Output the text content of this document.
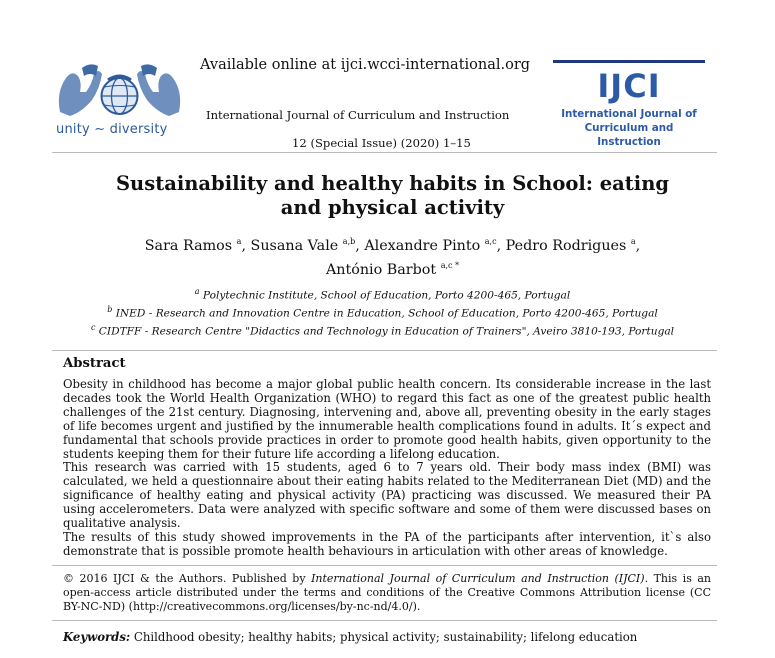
unity ∼ diversity
Available online at ijci.wcci-international.org
International Journal of Curriculum and Instruction
12 (Special Issue) (2020) 1–15
IJCI
International Journal of
Curriculum and Instruction
Sustainability and healthy habits in School: eating
and physical activity
Sara Ramos $^a$, Susana Vale $^{a,b}$, Alexandre Pinto $^{a,c}$, Pedro Rodrigues $^a$,
António Barbot $^{a,c *}$
$^a$ Polytechnic Institute, School of Education, Porto 4200-465, Portugal
$^b$ INED - Research and Innovation Centre in Education, School of Education, Porto 4200-465, Portugal
$^c$ CIDTFF - Research Centre "Didactics and Technology in Education of Trainers", Aveiro 3810-193, Portugal
Abstract

Obesity in childhood has become a major global public health concern. Its considerable increase in the last decades took the World Health Organization (WHO) to regard this fact as one of the greatest public health challenges of the 21st century. Diagnosing, intervening and, above all, preventing obesity in the early stages of life becomes urgent and justified by the innumerable health complications found in adults. It´s expect and fundamental that schools provide practices in order to promote good health habits, given opportunity to the students keeping them for their future life according a lifelong education.

This research was carried with 15 students, aged 6 to 7 years old. Their body mass index (BMI) was calculated, we held a questionnaire about their eating habits related to the Mediterranean Diet (MD) and the significance of healthy eating and physical activity (PA) practicing was discussed. We measured their PA using accelerometers. Data were analyzed with specific software and some of them were discussed bases on qualitative analysis.

The results of this study showed improvements in the PA of the participants after intervention, it`s also demonstrate that is possible promote health behaviours in articulation with other areas of knowledge.

© 2016 IJCI & the Authors. Published by International Journal of Curriculum and Instruction (IJCI). This is an open-access article distributed under the terms and conditions of the Creative Commons Attribution license (CC BY-NC-ND) (http://creativecommons.org/licenses/by-nc-nd/4.0/).
Keywords: Childhood obesity; healthy habits; physical activity; sustainability; lifelong education
